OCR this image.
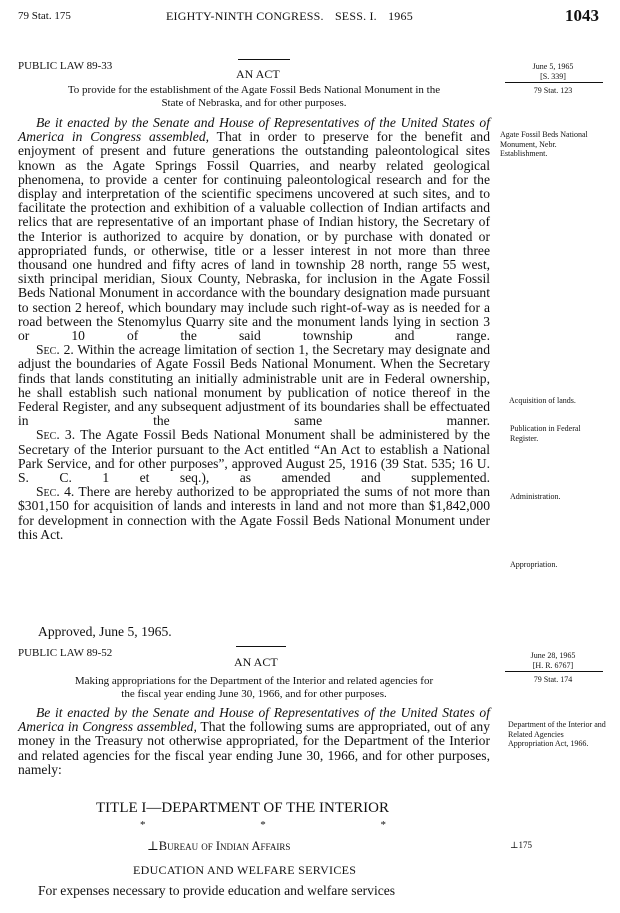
79 Stat. 175	EIGHTY-NINTH CONGRESS. SESS. I. 1965	1043
PUBLIC LAW 89-33
AN ACT
To provide for the establishment of the Agate Fossil Beds National Monument in the
State of Nebraska, and for other purposes.
June 5, 1965
[S. 339]
79 Stat. 123

Be it enacted by the Senate and House of Representatives of the United States of America in Congress assembled, That in order to preserve for the benefit and enjoyment of present and future generations the outstanding paleontological sites known as the Agate Springs Fossil Quarries, and nearby related geological phenomena, to provide a center for continuing paleontological research and for the display and interpretation of the scientific specimens uncovered at such sites, and to facilitate the protection and exhibition of a valuable collection of Indian artifacts and relics that are representative of an important phase of Indian history, the Secretary of the Interior is authorized to acquire by donation, or by purchase with donated or appropriated funds, or otherwise, title or a lesser interest in not more than three thousand one hundred and fifty acres of land in township 28 north, range 55 west, sixth principal meridian, Sioux County, Nebraska, for inclusion in the Agate Fossil Beds National Monument in accordance with the boundary designation made pursuant to section 2 hereof, which boundary may include such right-of-way as is needed for a road between the Stenomylus Quarry site and the monument lands lying in section 3 or 10 of the said township and range.

Sec. 2. Within the acreage limitation of section 1, the Secretary may designate and adjust the boundaries of Agate Fossil Beds National Monument. When the Secretary finds that lands constituting an initially administrable unit are in Federal ownership, he shall establish such national monument by publication of notice thereof in the Federal Register, and any subsequent adjustment of its boundaries shall be effectuated in the same manner.

Sec. 3. The Agate Fossil Beds National Monument shall be administered by the Secretary of the Interior pursuant to the Act entitled “An Act to establish a National Park Service, and for other purposes”, approved August 25, 1916 (39 Stat. 535; 16 U. S. C. 1 et seq.), as amended and supplemented.

Sec. 4. There are hereby authorized to be appropriated the sums of not more than $301,150 for acquisition of lands and interests in land and not more than $1,842,000 for development in connection with the Agate Fossil Beds National Monument under this Act.

Approved, June 5, 1965.
Agate Fossil Beds National Monument, Nebr. Establishment.
Acquisition of lands.
Publication in Federal Register.
Administration.
Appropriation.
PUBLIC LAW 89-52
AN ACT
Making appropriations for the Department of the Interior and related agencies for
the fiscal year ending June 30, 1966, and for other purposes.
June 28, 1965
[H. R. 6767]
79 Stat. 174

Be it enacted by the Senate and House of Representatives of the United States of America in Congress assembled, That the following sums are appropriated, out of any money in the Treasury not otherwise appropriated, for the Department of the Interior and related agencies for the fiscal year ending June 30, 1966, and for other purposes, namely:

Department of the Interior and Related Agencies Appropriation Act, 1966.
TITLE I—DEPARTMENT OF THE INTERIOR
*	*	*
⊥Bureau of Indian Affairs	⊥175
EDUCATION AND WELFARE SERVICES
For expenses necessary to provide education and welfare services
